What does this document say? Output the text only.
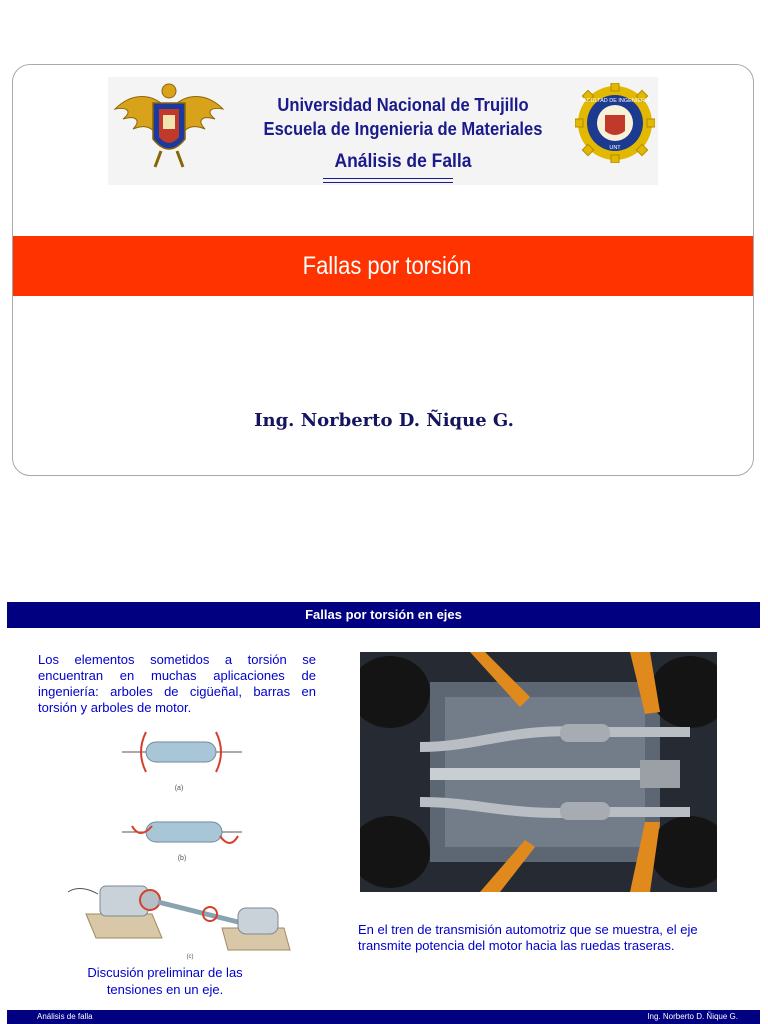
Universidad Nacional de Trujillo
Escuela de Ingenieria de Materiales
Análisis de Falla
FACULTAD DE INGENIERIA
UNT
Fallas por torsión
Ing. Norberto D. Ñique G.
Fallas por torsión en ejes
Los elementos sometidos a torsión se encuentran en muchas aplicaciones de ingeniería: arboles de cigüeñal, barras en torsión y arboles de motor.
(a)
(b)
(c)
Discusión preliminar de las
tensiones en un eje.
En el tren de transmisión automotriz que se muestra, el eje transmite potencia del motor hacia las ruedas traseras.
Análisis de falla	Ing. Norberto D. Ñique G.
